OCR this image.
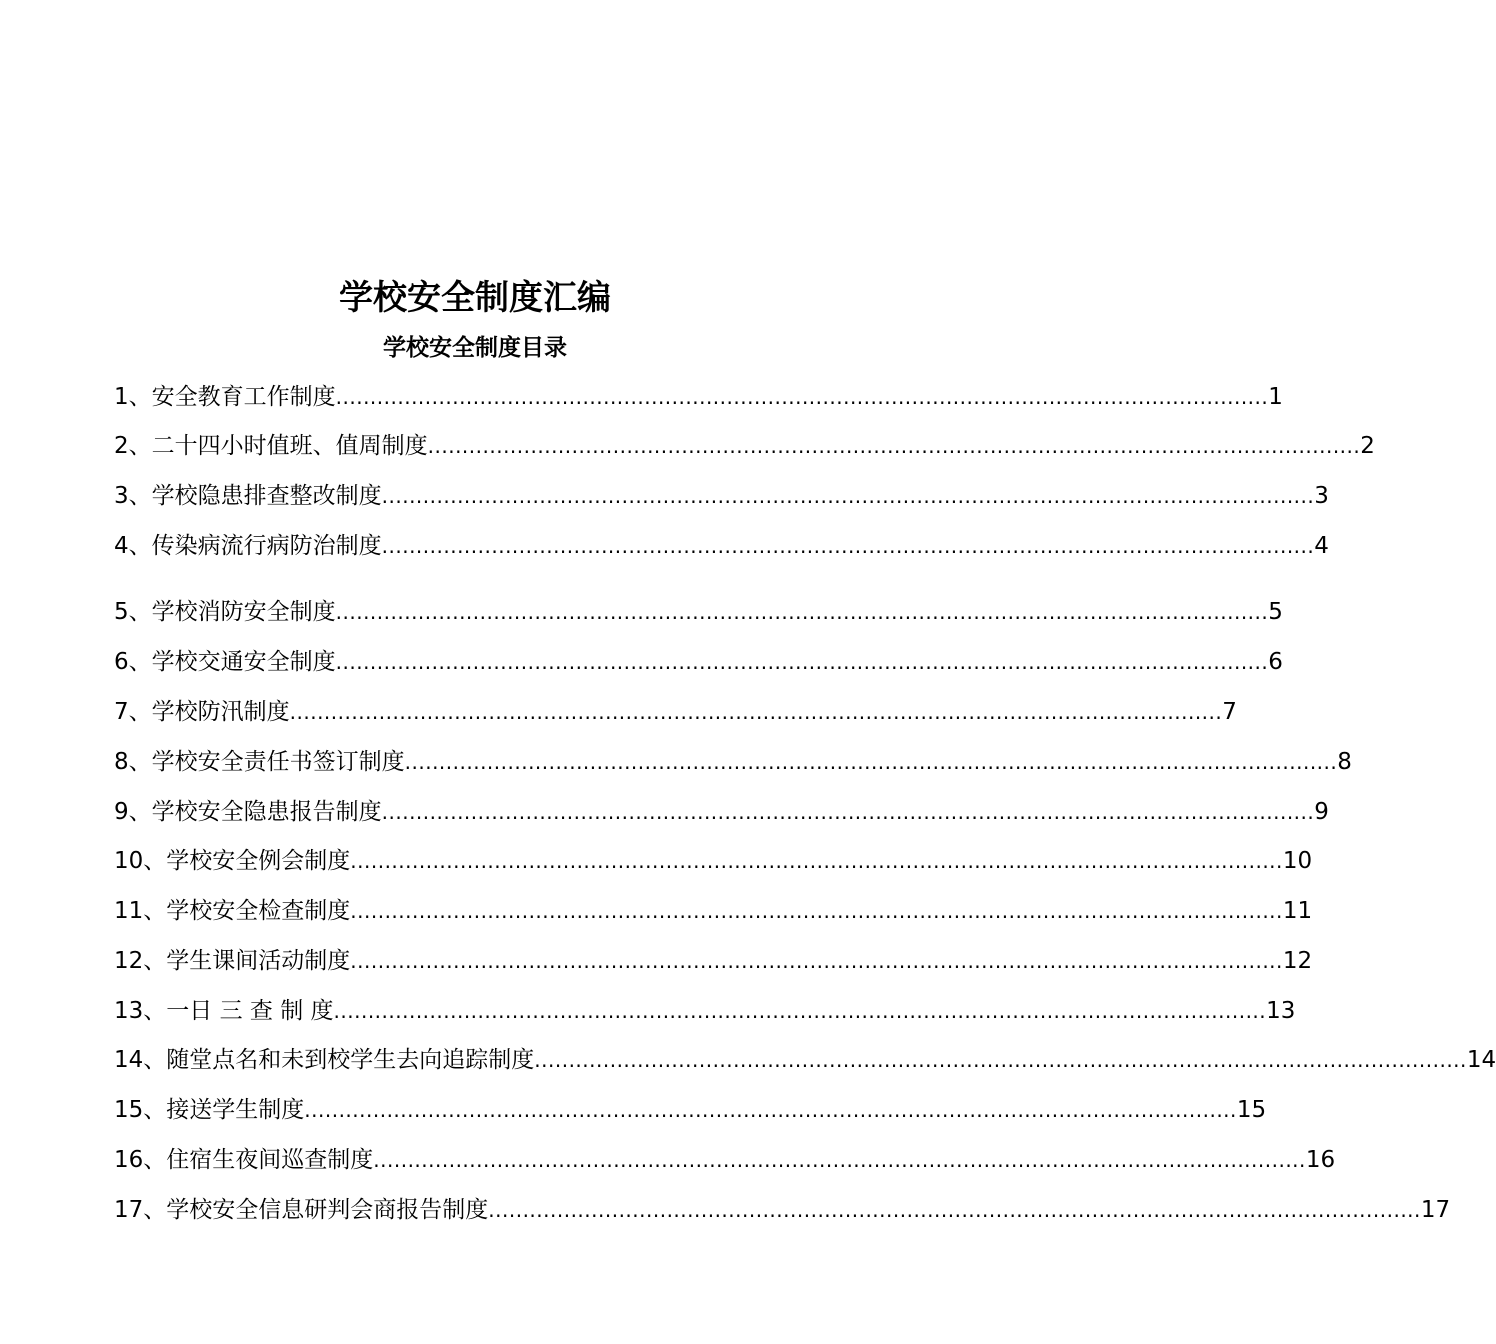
学校安全制度汇编
学校安全制度目录
1、 安全教育工作制度 ........................................................................................................................................ 1
2、 二十四小时值班、值周制度 ........................................................................................................................................ 2
3、 学校隐患排查整改制度 ........................................................................................................................................ 3
4、 传染病流行病防治制度 ........................................................................................................................................ 4
5、 学校消防安全制度 ........................................................................................................................................ 5
6、 学校交通安全制度 ........................................................................................................................................ 6
7、 学校防汛制度 ........................................................................................................................................ 7
8、 学校安全责任书签订制度 ........................................................................................................................................ 8
9、 学校安全隐患报告制度 ........................................................................................................................................ 9
10、 学校安全例会制度 ........................................................................................................................................ 10
11、 学校安全检查制度 ........................................................................................................................................ 11
12、 学生课间活动制度 ........................................................................................................................................ 12
13、 一日 三 查 制 度 ........................................................................................................................................ 13
14、 随堂点名和未到校学生去向追踪制度 ........................................................................................................................................ 14
15、 接送学生制度 ........................................................................................................................................ 15
16、 住宿生夜间巡查制度 ........................................................................................................................................ 16
17、 学校安全信息研判会商报告制度 ........................................................................................................................................ 17
